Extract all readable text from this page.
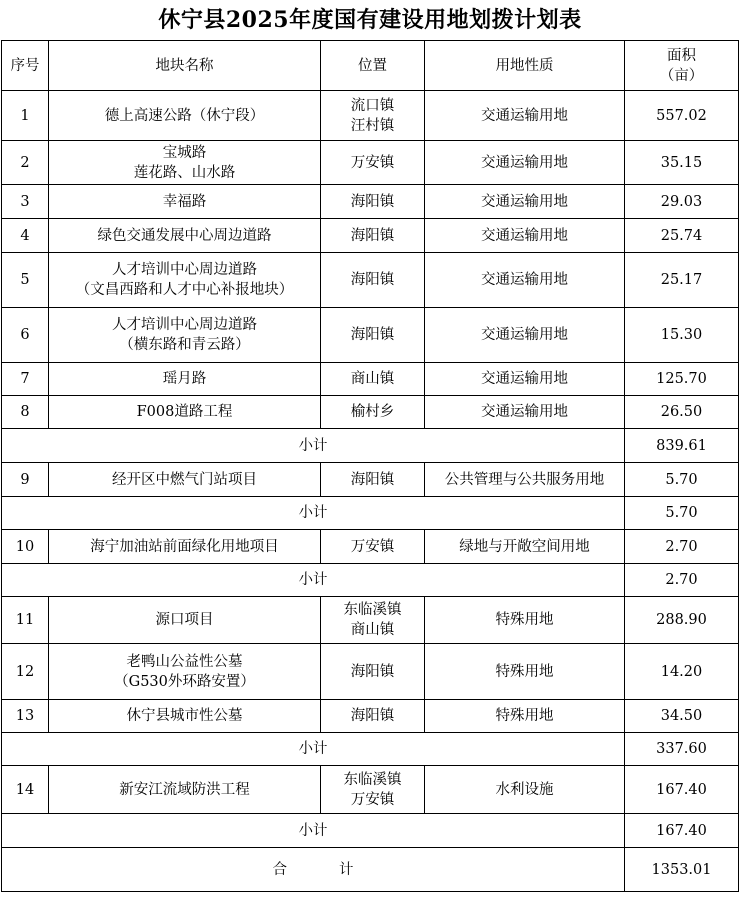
休宁县2025年度国有建设用地划拨计划表
序号	地块名称	位置	用地性质	面积
（亩）

1	德上高速公路（休宁段）	流口镇
汪村镇	交通运输用地	557.02
2	宝城路
莲花路、山水路	万安镇	交通运输用地	35.15
3	幸福路	海阳镇	交通运输用地	29.03
4	绿色交通发展中心周边道路	海阳镇	交通运输用地	25.74
5	人才培训中心周边道路
（文昌西路和人才中心补报地块）	海阳镇	交通运输用地	25.17
6	人才培训中心周边道路
（横东路和青云路）	海阳镇	交通运输用地	15.30
7	瑶月路	商山镇	交通运输用地	125.70
8	F008道路工程	榆村乡	交通运输用地	26.50
小计				839.61
9	经开区中燃气门站项目	海阳镇	公共管理与公共服务用地	5.70
小计				5.70
10	海宁加油站前面绿化用地项目	万安镇	绿地与开敞空间用地	2.70
小计				2.70
11	源口项目	东临溪镇
商山镇	特殊用地	288.90
12	老鸭山公益性公墓
（G530外环路安置）	海阳镇	特殊用地	14.20
13	休宁县城市性公墓	海阳镇	特殊用地	34.50
小计				337.60
14	新安江流域防洪工程	东临溪镇
万安镇	水利设施	167.40
小计				167.40
合 计				1353.01
